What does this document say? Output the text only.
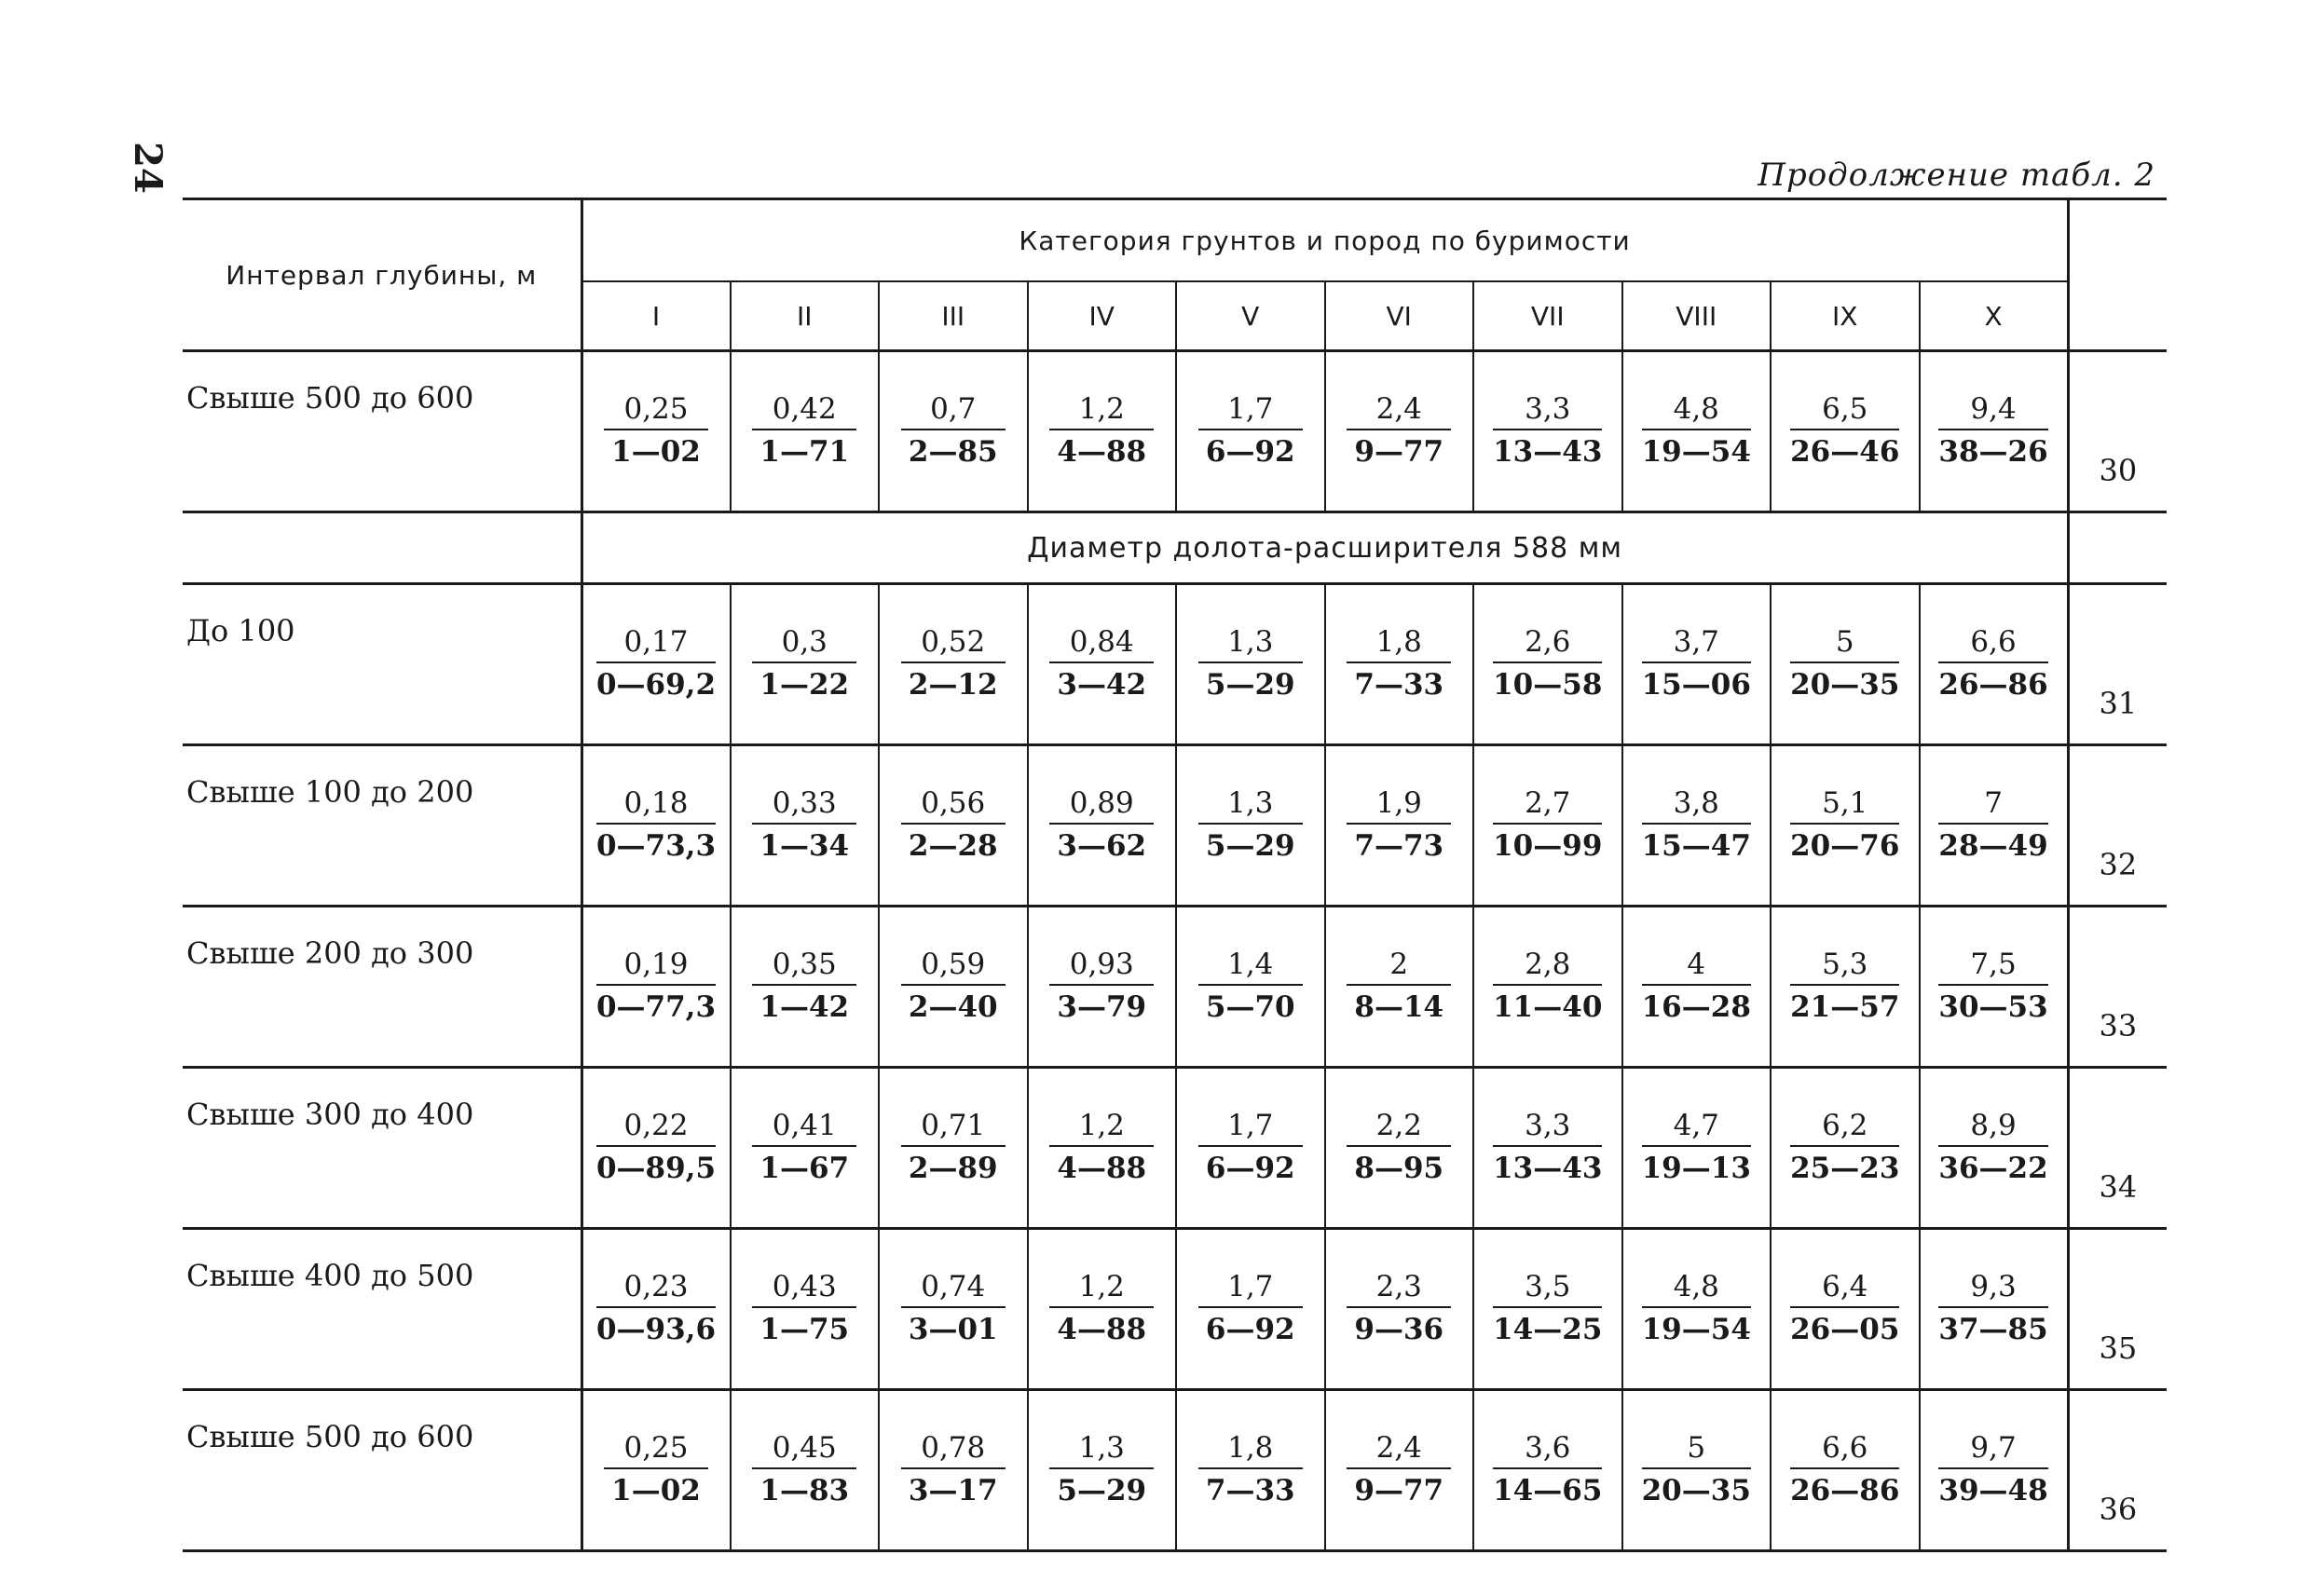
24	Продолжение табл. 2
Интервал глубины, м	Категория грунтов и пород по буримости										
	I	II	III	IV	V	VI	VII	VIII	IX	X	
Свыше 500 до 600	$\frac{0,25}{1—02}$	$\frac{0,42}{1—71}$	$\frac{0,7}{2—85}$	$\frac{1,2}{4—88}$	$\frac{1,7}{6—92}$	$\frac{2,4}{9—77}$	$\frac{3,3}{13—43}$	$\frac{4,8}{19—54}$	$\frac{6,5}{26—46}$	$\frac{9,4}{38—26}$	30
	Диаметр долота-расширителя 588 мм										
До 100	$\frac{0,17}{0—69,2}$	$\frac{0,3}{1—22}$	$\frac{0,52}{2—12}$	$\frac{0,84}{3—42}$	$\frac{1,3}{5—29}$	$\frac{1,8}{7—33}$	$\frac{2,6}{10—58}$	$\frac{3,7}{15—06}$	$\frac{5}{20—35}$	$\frac{6,6}{26—86}$	31
Свыше 100 до 200	$\frac{0,18}{0—73,3}$	$\frac{0,33}{1—34}$	$\frac{0,56}{2—28}$	$\frac{0,89}{3—62}$	$\frac{1,3}{5—29}$	$\frac{1,9}{7—73}$	$\frac{2,7}{10—99}$	$\frac{3,8}{15—47}$	$\frac{5,1}{20—76}$	$\frac{7}{28—49}$	32
Свыше 200 до 300	$\frac{0,19}{0—77,3}$	$\frac{0,35}{1—42}$	$\frac{0,59}{2—40}$	$\frac{0,93}{3—79}$	$\frac{1,4}{5—70}$	$\frac{2}{8—14}$	$\frac{2,8}{11—40}$	$\frac{4}{16—28}$	$\frac{5,3}{21—57}$	$\frac{7,5}{30—53}$	33
Свыше 300 до 400	$\frac{0,22}{0—89,5}$	$\frac{0,41}{1—67}$	$\frac{0,71}{2—89}$	$\frac{1,2}{4—88}$	$\frac{1,7}{6—92}$	$\frac{2,2}{8—95}$	$\frac{3,3}{13—43}$	$\frac{4,7}{19—13}$	$\frac{6,2}{25—23}$	$\frac{8,9}{36—22}$	34
Свыше 400 до 500	$\frac{0,23}{0—93,6}$	$\frac{0,43}{1—75}$	$\frac{0,74}{3—01}$	$\frac{1,2}{4—88}$	$\frac{1,7}{6—92}$	$\frac{2,3}{9—36}$	$\frac{3,5}{14—25}$	$\frac{4,8}{19—54}$	$\frac{6,4}{26—05}$	$\frac{9,3}{37—85}$	35
Свыше 500 до 600	$\frac{0,25}{1—02}$	$\frac{0,45}{1—83}$	$\frac{0,78}{3—17}$	$\frac{1,3}{5—29}$	$\frac{1,8}{7—33}$	$\frac{2,4}{9—77}$	$\frac{3,6}{14—65}$	$\frac{5}{20—35}$	$\frac{6,6}{26—86}$	$\frac{9,7}{39—48}$	36
